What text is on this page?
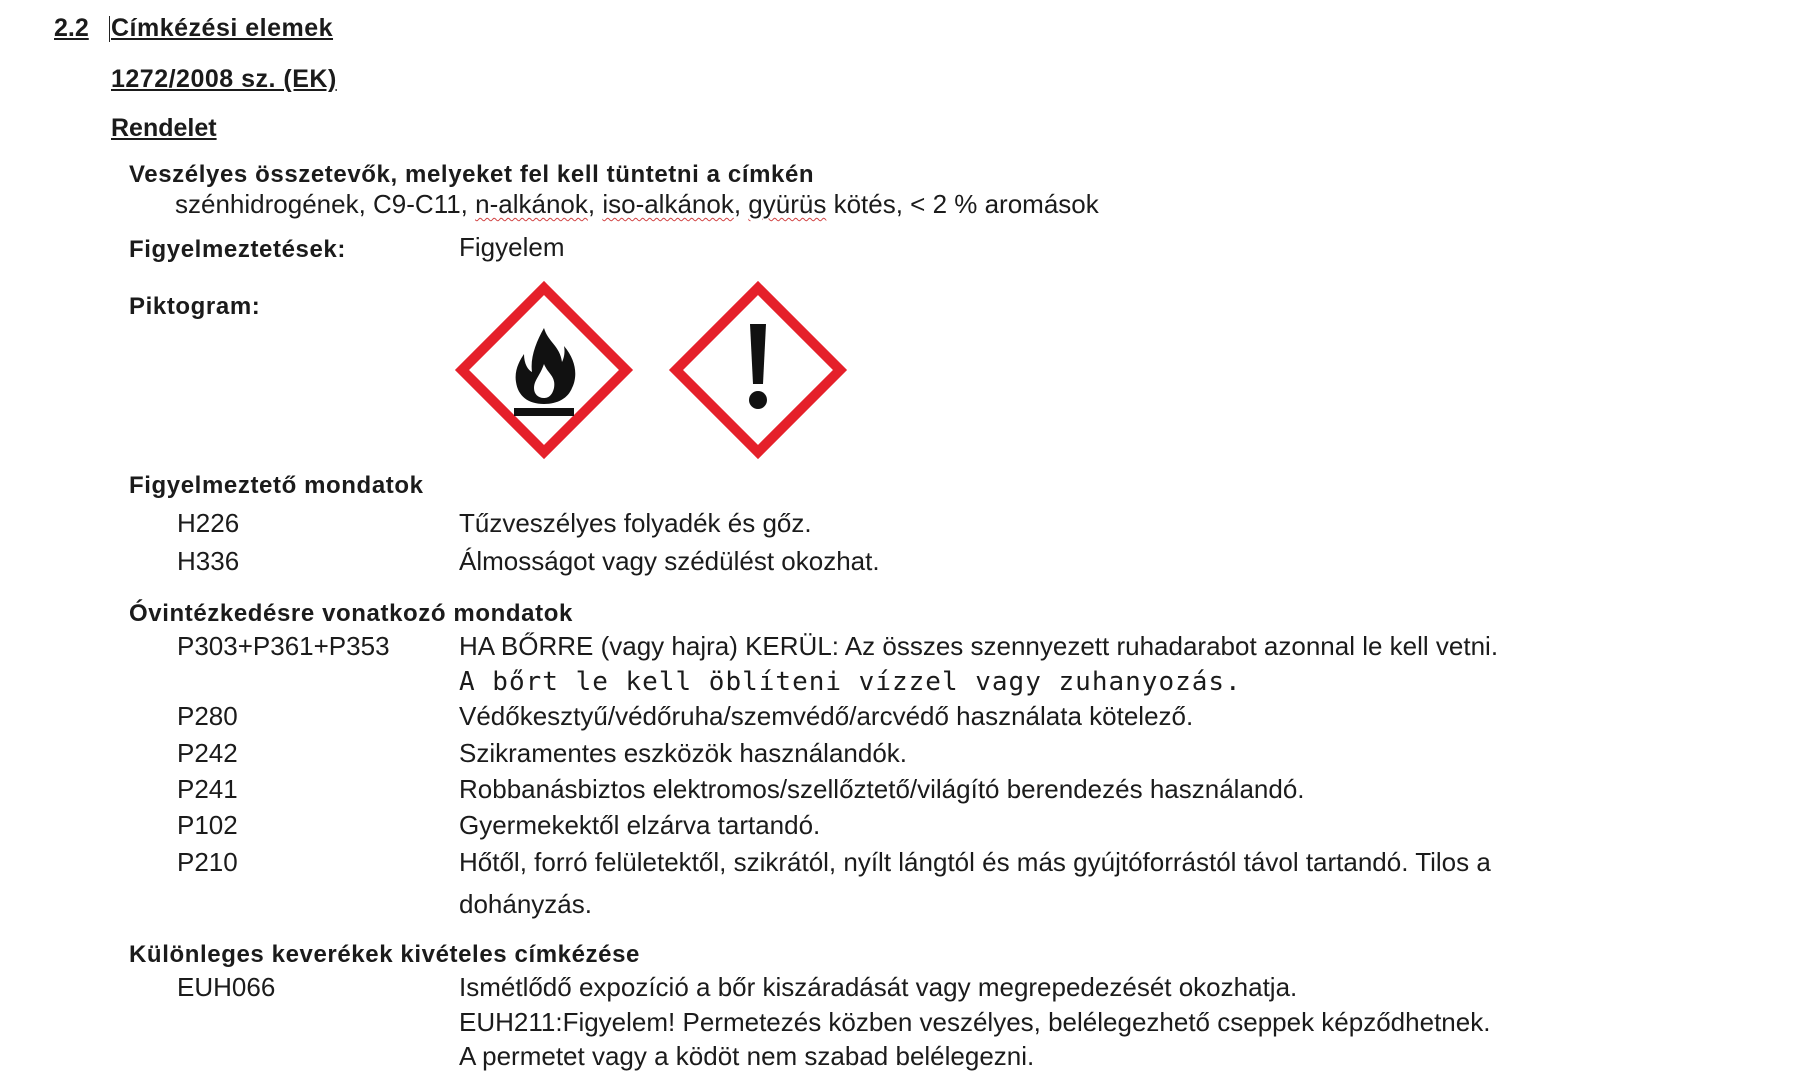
2.2 Címkézési elemek
1272/2008 sz. (EK)
Rendelet
Veszélyes összetevők, melyeket fel kell tüntetni a címkén
szénhidrogének, C9-C11, n-alkánok, iso-alkánok, gyürüs kötés, < 2 % aromások
Figyelmeztetések:	Figyelem
Piktogram:
Figyelmeztető mondatok
H226	Tűzveszélyes folyadék és gőz.
H336	Álmosságot vagy szédülést okozhat.
Óvintézkedésre vonatkozó mondatok
P303+P361+P353	HA BŐRRE (vagy hajra) KERÜL: Az összes szennyezett ruhadarabot azonnal le kell vetni.
A bőrt le kell öblíteni vízzel vagy zuhanyozás.
P280	Védőkesztyű/védőruha/szemvédő/arcvédő használata kötelező.
P242	Szikramentes eszközök használandók.
P241	Robbanásbiztos elektromos/szellőztető/világító berendezés használandó.
P102	Gyermekektől elzárva tartandó.
P210	Hőtől, forró felületektől, szikrától, nyílt lángtól és más gyújtóforrástól távol tartandó. Tilos a
dohányzás.
Különleges keverékek kivételes címkézése
EUH066	Ismétlődő expozíció a bőr kiszáradását vagy megrepedezését okozhatja.
EUH211:Figyelem! Permetezés közben veszélyes, belélegezhető cseppek képződhetnek.
A permetet vagy a ködöt nem szabad belélegezni.
